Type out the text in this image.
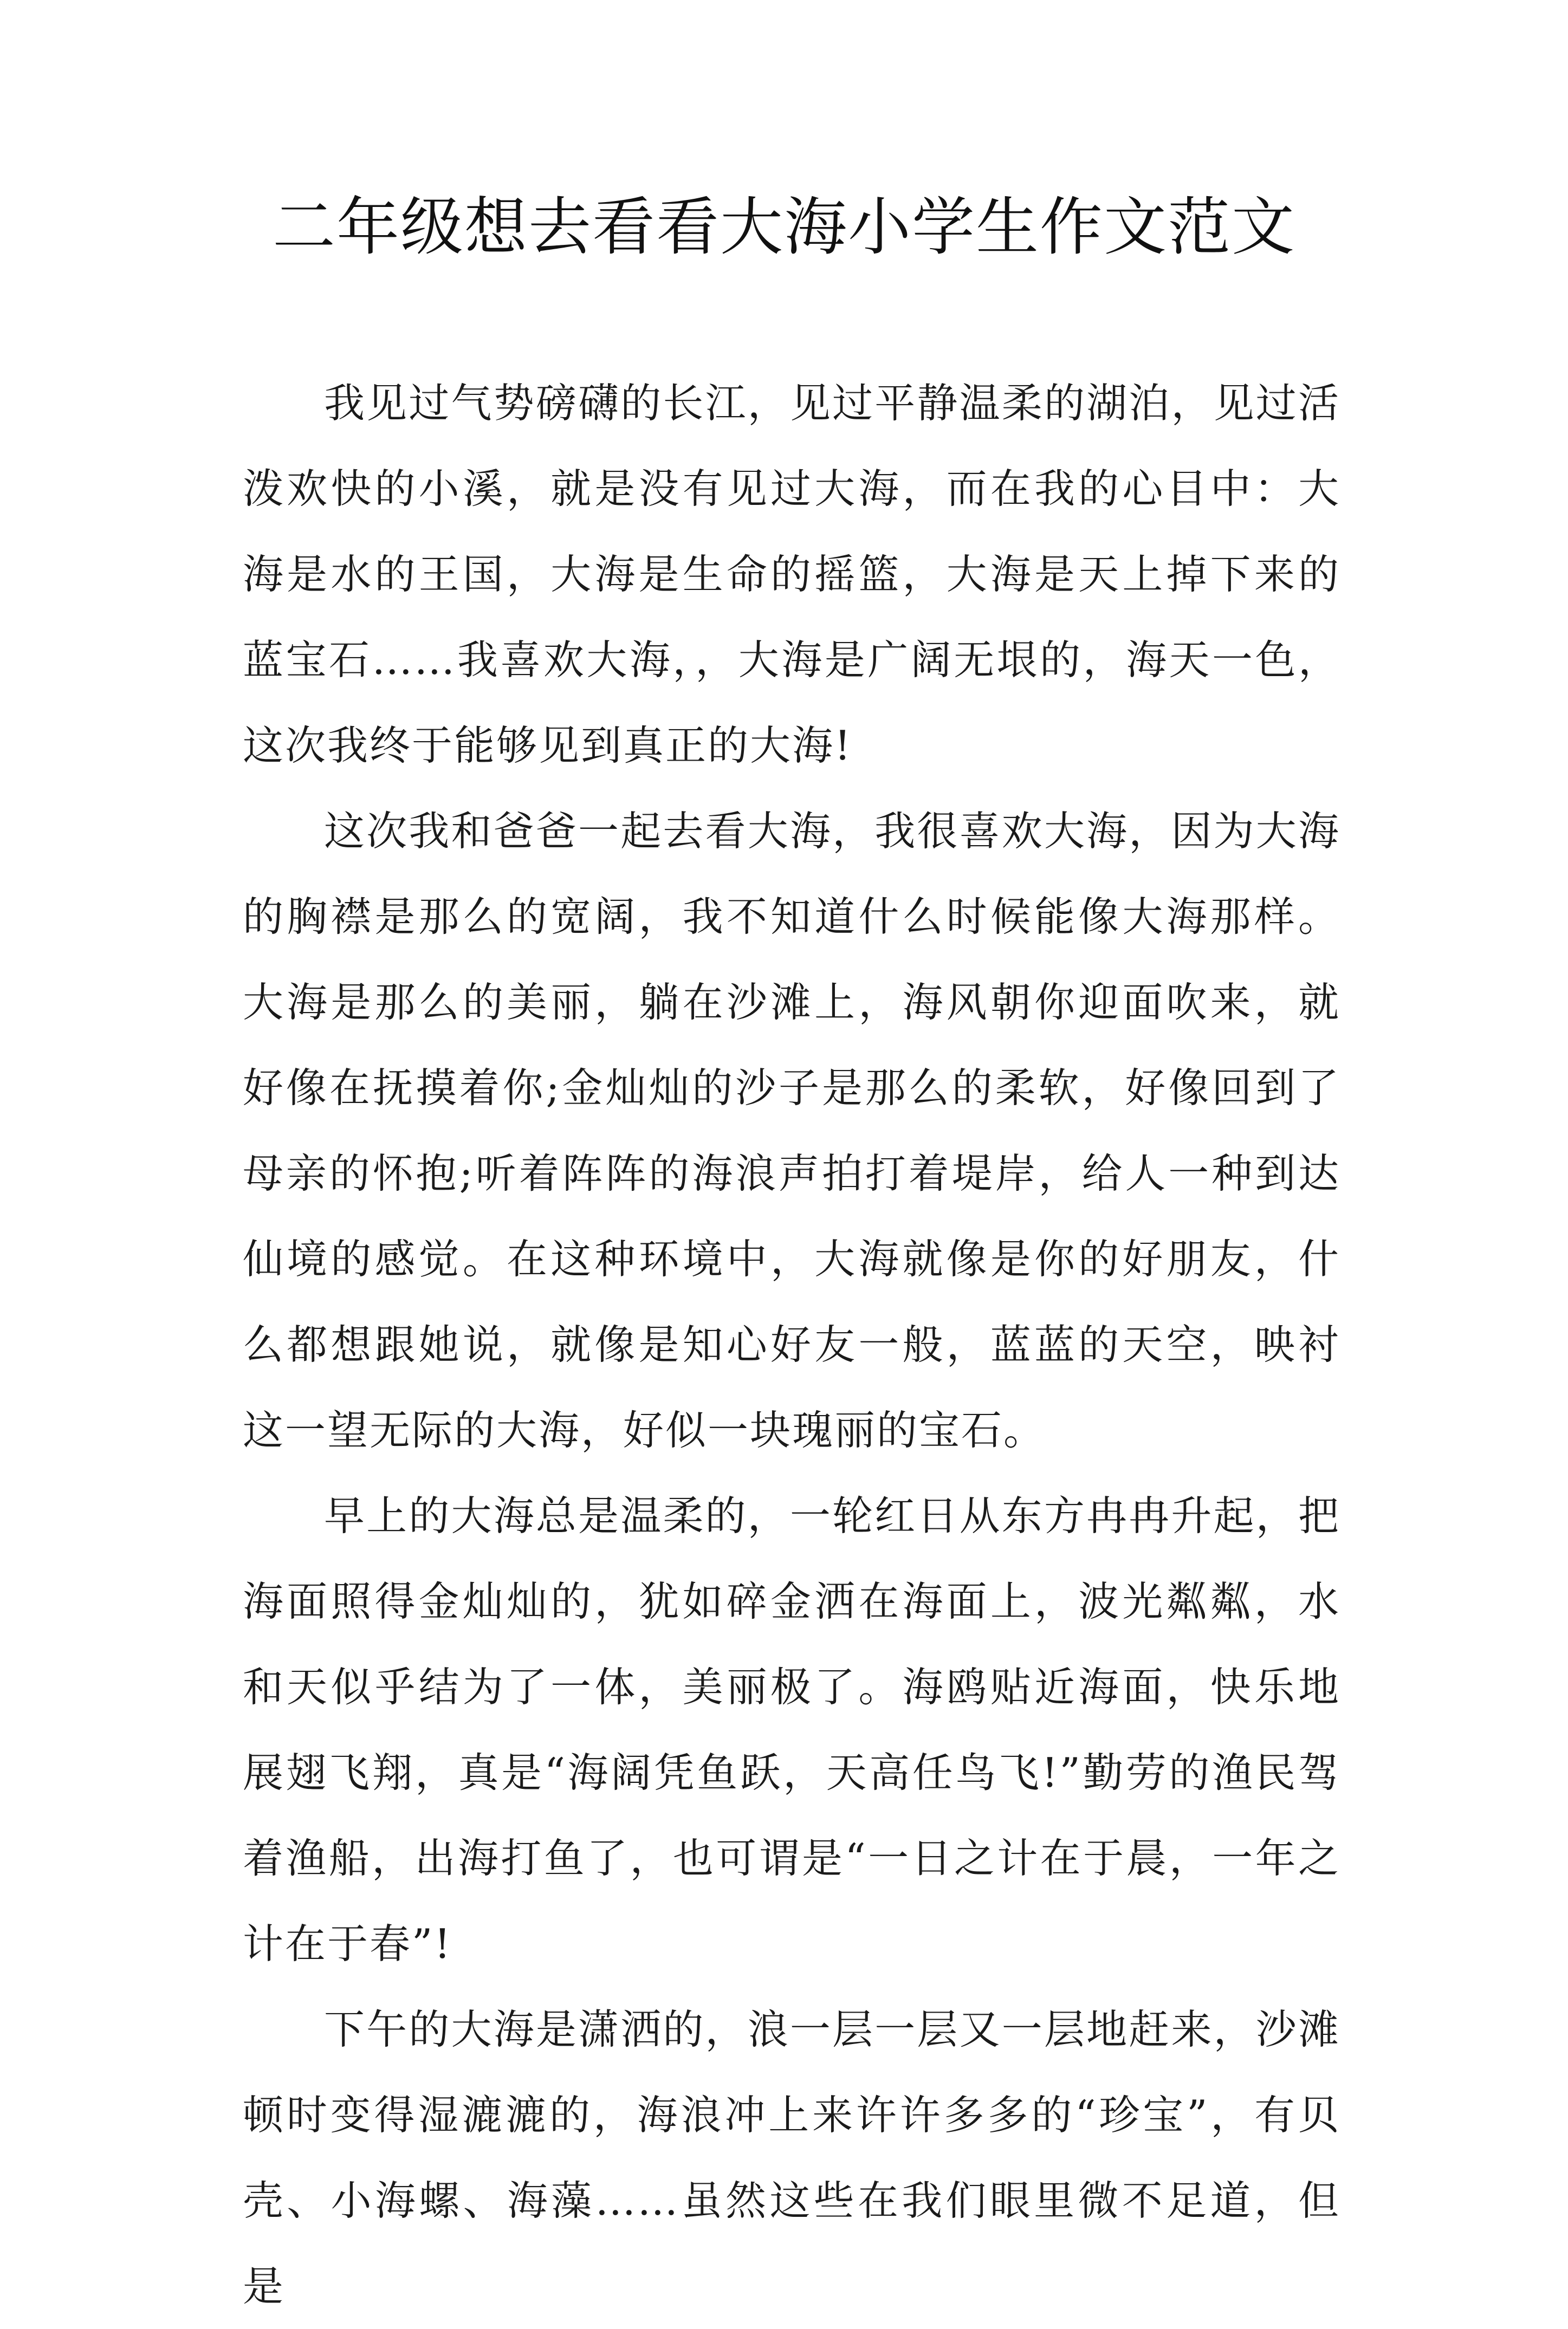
二年级想去看看大海小学生作文范文

我见过气势磅礴的长江，见过平静温柔的湖泊，见过活泼欢快的小溪，就是没有见过大海，而在我的心目中：大海是水的王国，大海是生命的摇篮，大海是天上掉下来的蓝宝石……我喜欢大海，，大海是广阔无垠的，海天一色，这次我终于能够见到真正的大海!

这次我和爸爸一起去看大海，我很喜欢大海，因为大海的胸襟是那么的宽阔，我不知道什么时候能像大海那样。大海是那么的美丽，躺在沙滩上，海风朝你迎面吹来，就好像在抚摸着你;金灿灿的沙子是那么的柔软，好像回到了母亲的怀抱;听着阵阵的海浪声拍打着堤岸，给人一种到达仙境的感觉。在这种环境中，大海就像是你的好朋友，什么都想跟她说，就像是知心好友一般，蓝蓝的天空，映衬这一望无际的大海，好似一块瑰丽的宝石。

早上的大海总是温柔的，一轮红日从东方冉冉升起，把海面照得金灿灿的，犹如碎金洒在海面上，波光粼粼，水和天似乎结为了一体，美丽极了。海鸥贴近海面，快乐地展翅飞翔，真是“海阔凭鱼跃，天高任鸟飞!”勤劳的渔民驾着渔船，出海打鱼了，也可谓是“一日之计在于晨，一年之计在于春”!

下午的大海是潇洒的，浪一层一层又一层地赶来，沙滩顿时变得湿漉漉的，海浪冲上来许许多多的“珍宝”，有贝壳、小海螺、海藻……虽然这些在我们眼里微不足道，但是
